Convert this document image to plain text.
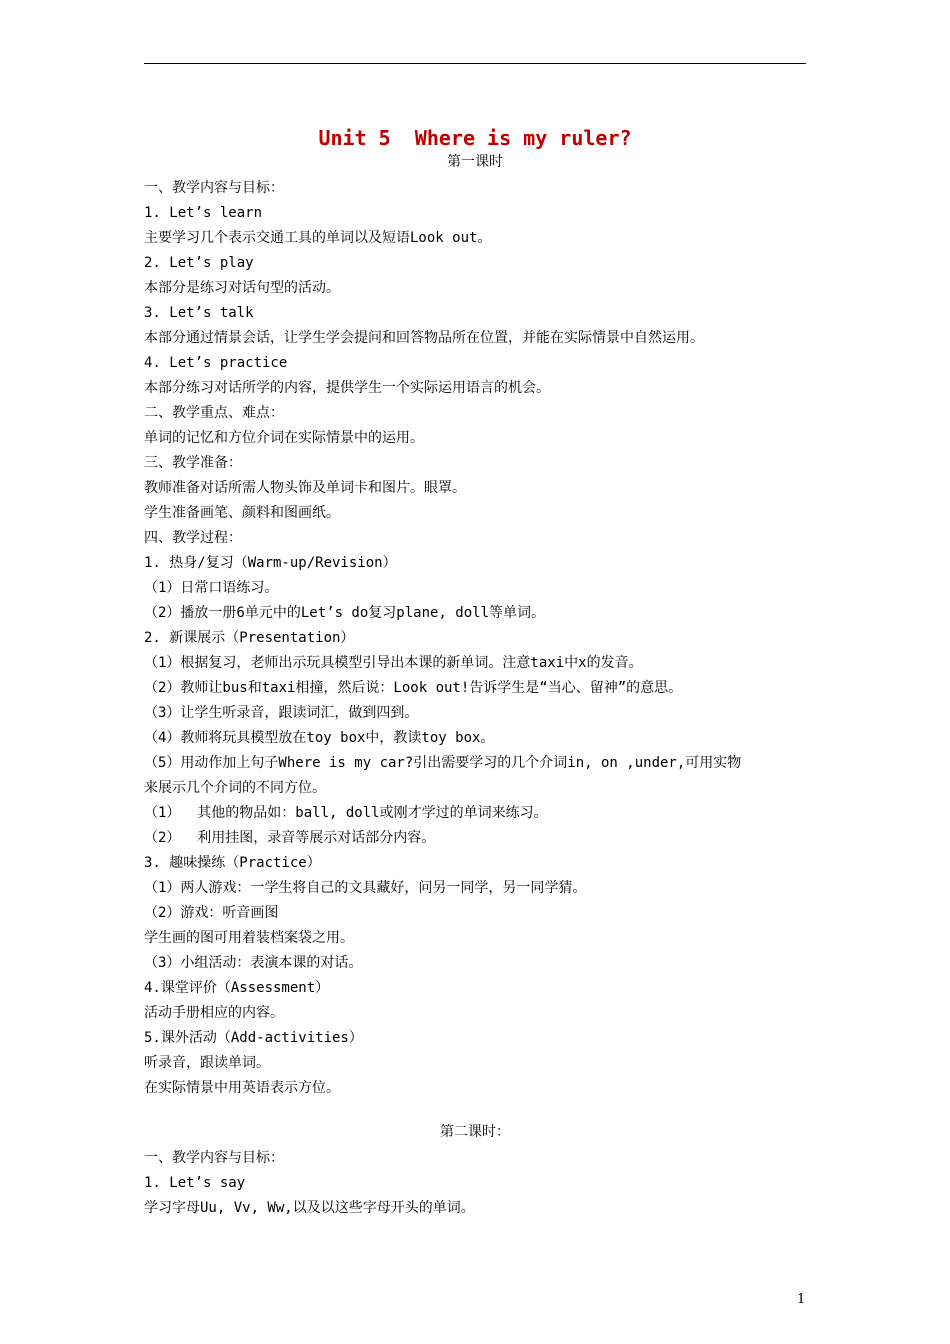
Unit 5  Where is my ruler?
第一课时
一、教学内容与目标：
1. Let’s learn
主要学习几个表示交通工具的单词以及短语Look out。
2. Let’s play
本部分是练习对话句型的活动。
3. Let’s talk
本部分通过情景会话，让学生学会提问和回答物品所在位置，并能在实际情景中自然运用。
4. Let’s practice
本部分练习对话所学的内容，提供学生一个实际运用语言的机会。
二、教学重点、难点：
单词的记忆和方位介词在实际情景中的运用。
三、教学准备：
教师准备对话所需人物头饰及单词卡和图片。眼罩。
学生准备画笔、颜料和图画纸。
四、教学过程：
1. 热身/复习（Warm-up/Revision）
（1）日常口语练习。
（2）播放一册6单元中的Let’s do复习plane, doll等单词。
2. 新课展示（Presentation）
（1）根据复习，老师出示玩具模型引导出本课的新单词。注意taxi中x的发音。
（2）教师让bus和taxi相撞，然后说：Look out!告诉学生是“当心、留神”的意思。
（3）让学生听录音，跟读词汇，做到四到。
（4）教师将玩具模型放在toy box中，教读toy box。
（5）用动作加上句子Where is my car?引出需要学习的几个介词in, on ,under,可用实物
来展示几个介词的不同方位。
（1）  其他的物品如：ball, doll或刚才学过的单词来练习。
（2）  利用挂图，录音等展示对话部分内容。
3. 趣味操练（Practice）
（1）两人游戏：一学生将自己的文具藏好，问另一同学，另一同学猜。
（2）游戏：听音画图
学生画的图可用着装档案袋之用。
（3）小组活动：表演本课的对话。
4.课堂评价（Assessment）
活动手册相应的内容。
5.课外活动（Add-activities）
听录音，跟读单词。
在实际情景中用英语表示方位。
第二课时：
一、教学内容与目标：
1. Let’s say
学习字母Uu, Vv, Ww,以及以这些字母开头的单词。
1
